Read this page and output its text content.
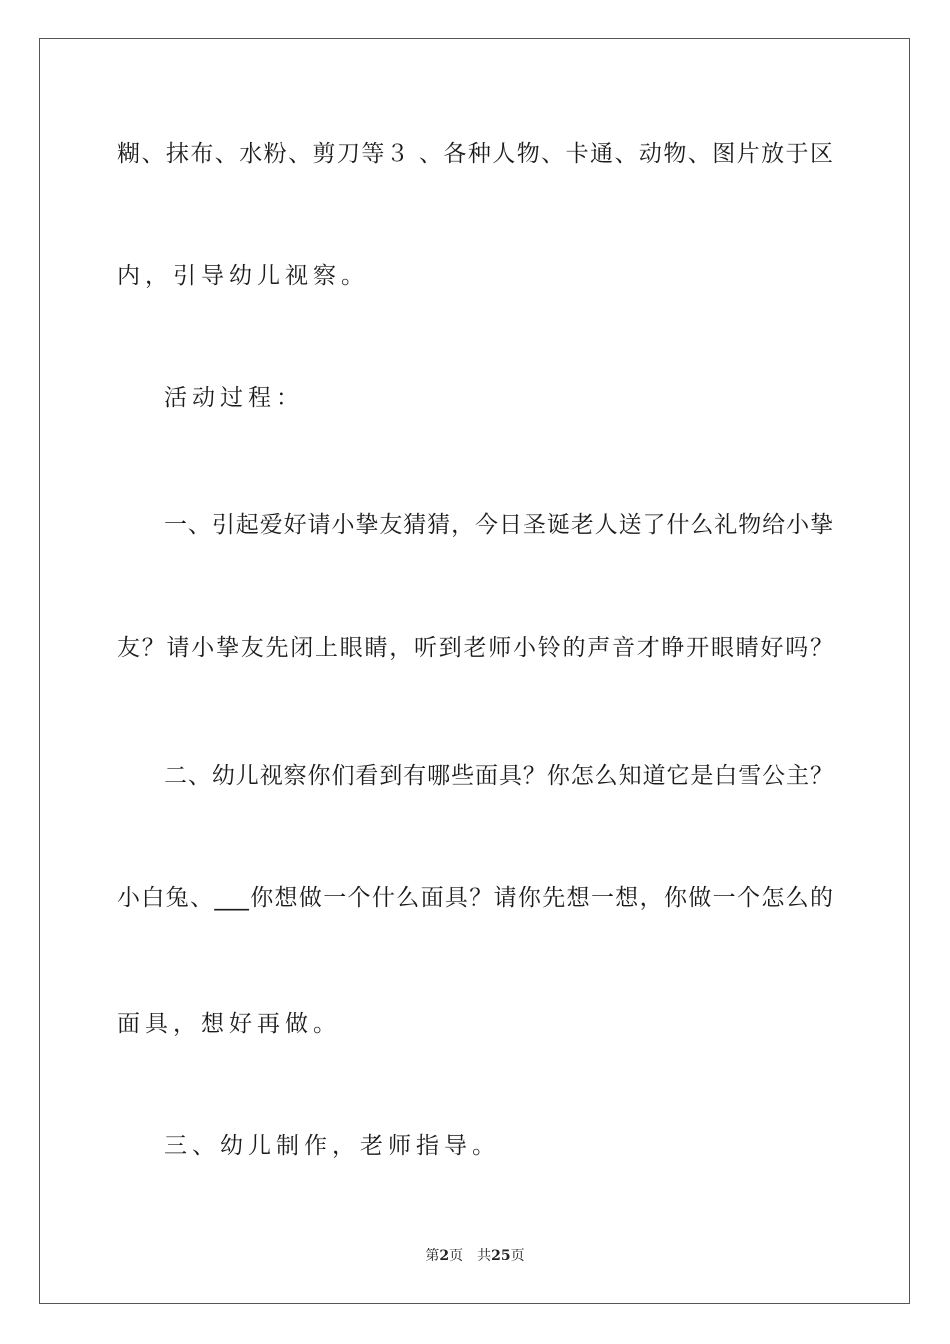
糊、抹布、水粉、剪刀等３ 、各种人物、卡通、动物、图片放于区
内，引导幼儿视察。
活动过程：
一、引起爱好请小挚友猜猜，今日圣诞老人送了什么礼物给小挚
友？请小挚友先闭上眼睛，听到老师小铃的声音才睁开眼睛好吗？
二、幼儿视察你们看到有哪些面具？你怎么知道它是白雪公主？
小白兔、___你想做一个什么面具？请你先想一想，你做一个怎么的
面具，想好再做。
三、幼儿制作，老师指导。
第2页 共25页
